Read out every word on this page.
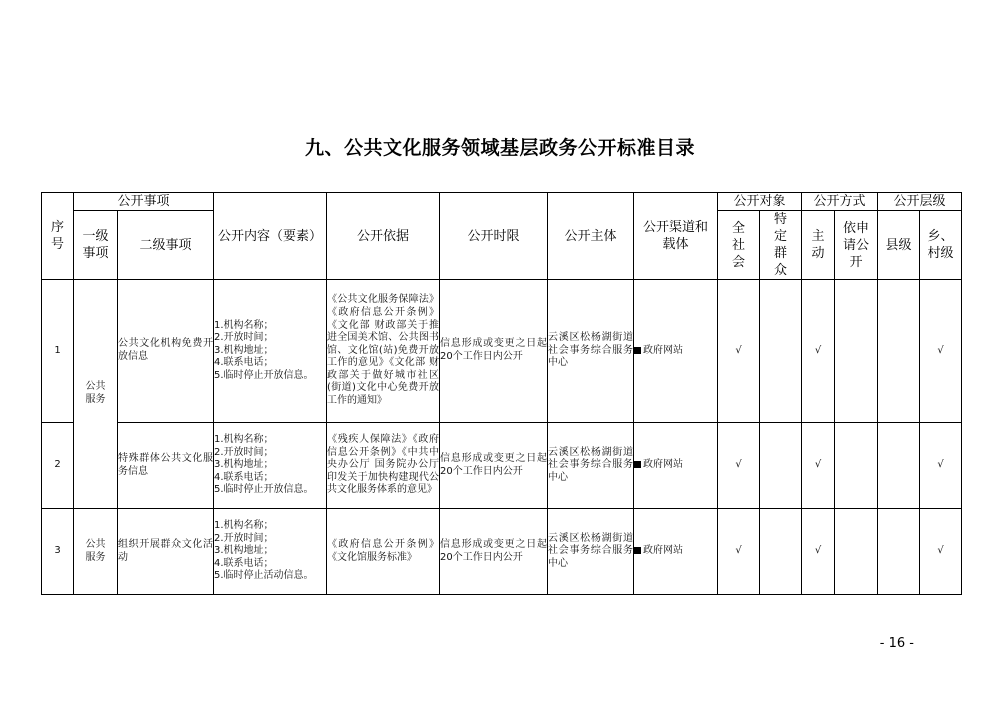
九、公共文化服务领域基层政务公开标准目录
序号	公开事项		公开内容（要素）	公开依据	公开时限	公开主体	公开渠道和载体	公开对象		公开方式		公开层级	
	一级事项	二级事项						全社会	特定群众	主动	依申请公开	县级	乡、村级
1	公共服务	公共文化机构免费开放信息	1.机构名称；
2.开放时间；
3.机构地址；
4.联系电话；
5.临时停止开放信息。	《公共文化服务保障法》《政府信息公开条例》《文化部 财政部关于推进全国美术馆、公共图书馆、文化馆(站)免费开放工作的意见》《文化部 财政部关于做好城市社区(街道)文化中心免费开放工作的通知》	信息形成或变更之日起20个工作日内公开	云溪区松杨湖街道社会事务综合服务中心	政府网站	√		√			√
2		特殊群体公共文化服务信息	1.机构名称；
2.开放时间；
3.机构地址；
4.联系电话；
5.临时停止开放信息。	《残疾人保障法》《政府信息公开条例》《中共中央办公厅 国务院办公厅印发关于加快构建现代公共文化服务体系的意见》	信息形成或变更之日起20个工作日内公开	云溪区松杨湖街道社会事务综合服务中心	政府网站	√		√			√
3	公共服务	组织开展群众文化活动	1.机构名称；
2.开放时间；
3.机构地址；
4.联系电话；
5.临时停止活动信息。	《政府信息公开条例》《文化馆服务标准》	信息形成或变更之日起20个工作日内公开	云溪区松杨湖街道社会事务综合服务中心	政府网站	√		√			√
- 16 -
